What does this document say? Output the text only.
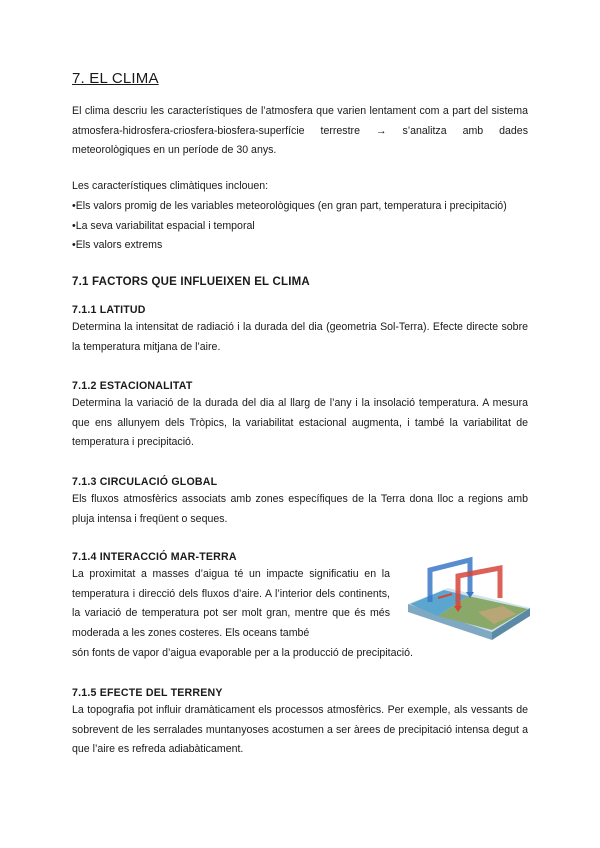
7. EL CLIMA

El clima descriu les característiques de l’atmosfera que varien lentament com a part del sistema atmosfera-hidrosfera-criosfera-biosfera-superfície terrestre → s’analitza amb dades meteorològiques en un període de 30 anys.

Les característiques climàtiques inclouen:

•Els valors promig de les variables meteorològiques (en gran part, temperatura i precipitació)
•La seva variabilitat espacial i temporal
•Els valors extrems
7.1 FACTORS QUE INFLUEIXEN EL CLIMA
7.1.1 LATITUD

Determina la intensitat de radiació i la durada del dia (geometria Sol-Terra). Efecte directe sobre la temperatura mitjana de l’aire.

7.1.2 ESTACIONALITAT

Determina la variació de la durada del dia al llarg de l’any i la insolació temperatura. A mesura que ens allunyem dels Tròpics, la variabilitat estacional augmenta, i també la variabilitat de temperatura i precipitació.

7.1.3 CIRCULACIÓ GLOBAL

Els fluxos atmosfèrics associats amb zones específiques de la Terra dona lloc a regions amb pluja intensa i freqüent o seques.

7.1.4 INTERACCIÓ MAR-TERRA

La proximitat a masses d’aigua té un impacte significatiu en la temperatura i direcció dels fluxos d’aire. A l’interior dels continents, la variació de temperatura pot ser molt gran, mentre que és més moderada a les zones costeres. Els oceans també

són fonts de vapor d’aigua evaporable per a la producció de precipitació.

7.1.5 EFECTE DEL TERRENY

La topografia pot influir dramàticament els processos atmosfèrics. Per exemple, als vessants de sobrevent de les serralades muntanyoses acostumen a ser àrees de precipitació intensa degut a que l’aire es refreda adiabàticament.
